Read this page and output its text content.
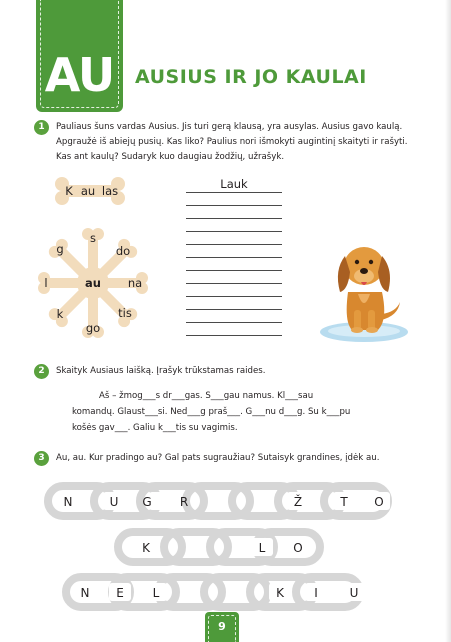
AU	AUSIUS IR JO KAULAI
1	Pauliaus šuns vardas Ausius. Jis turi gerą klausą, yra ausylas. Ausius gavo kaulą.
Apgraužė iš abiejų pusių. Kas liko? Paulius nori išmokyti augintinį skaityti ir rašyti.
Kas ant kaulų? Sudaryk kuo daugiau žodžių, užrašyk.
K au las
au
s
do
na
tis
go
k
l
g
Lauk
2	Skaityk Ausiaus laišką. Įrašyk trūkstamas raides.
Aš – žmog___s dr___gas. S___gau namus. Kl___sau
komandų. Glaust___si. Ned___g praš___. G___nu d___g. Su k___pu
košės gav___. Galiu k___tis su vagimis.
3	Au, au. Kur pradingo au? Gal pats sugraužiau? Sutaisyk grandines, įdėk au.
N	U	G	R	Ž	T	O
K	L	O
N	E	L	K	I	U
9
